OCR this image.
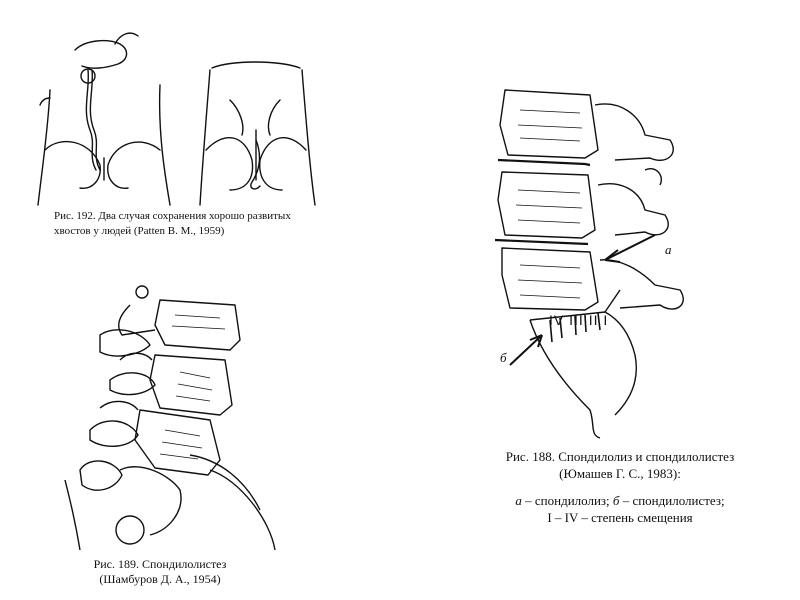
Рис. 192. Два случая сохранения хорошо развитых
хвостов у людей (Patten B. M., 1959)
Рис. 189. Спондилолистез
(Шамбуров Д. А., 1954)
а
б
Рис. 188. Спондилолиз и спондилолистез
(Юмашев Г. С., 1983):
а – спондилолиз; б – спондилолистез;
I – IV – степень смещения
IV III II I
